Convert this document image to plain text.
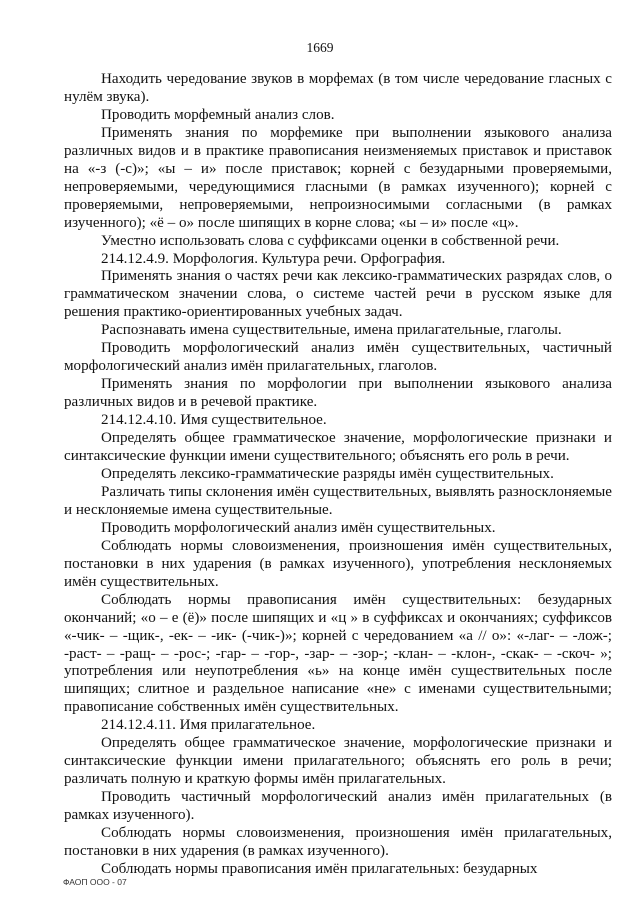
1669

Находить чередование звуков в морфемах (в том числе чередование гласных с нулём звука).

Проводить морфемный анализ слов.

Применять знания по морфемике при выполнении языкового анализа различных видов и в практике правописания неизменяемых приставок и приставок на «-з (-с)»; «ы – и» после приставок; корней с безударными проверяемыми, непроверяемыми, чередующимися гласными (в рамках изученного); корней с проверяемыми, непроверяемыми, непроизносимыми согласными (в рамках изученного); «ё – о» после шипящих в корне слова; «ы – и» после «ц».

Уместно использовать слова с суффиксами оценки в собственной речи.

214.12.4.9. Морфология. Культура речи. Орфография.

Применять знания о частях речи как лексико-грамматических разрядах слов, о грамматическом значении слова, о системе частей речи в русском языке для решения практико-ориентированных учебных задач.

Распознавать имена существительные, имена прилагательные, глаголы.

Проводить морфологический анализ имён существительных, частичный морфологический анализ имён прилагательных, глаголов.

Применять знания по морфологии при выполнении языкового анализа различных видов и в речевой практике.

214.12.4.10. Имя существительное.

Определять общее грамматическое значение, морфологические признаки и синтаксические функции имени существительного; объяснять его роль в речи.

Определять лексико-грамматические разряды имён существительных.

Различать типы склонения имён существительных, выявлять разносклоняемые и несклоняемые имена существительные.

Проводить морфологический анализ имён существительных.

Соблюдать нормы словоизменения, произношения имён существительных, постановки в них ударения (в рамках изученного), употребления несклоняемых имён существительных.

Соблюдать нормы правописания имён существительных: безударных окончаний; «о – е (ё)» после шипящих и «ц » в суффиксах и окончаниях; суффиксов «-чик- – -щик-, -ек- – -ик- (-чик-)»; корней с чередованием «а // о»: «-лаг- – -лож-; -раст- – -ращ- – -рос-; -гар- – -гор-, -зар- – -зор-; -клан- – -клон-, -скак- – -скоч- »; употребления или неупотребления «ь» на конце имён существительных после шипящих; слитное и раздельное написание «не» с именами существительными; правописание собственных имён существительных.

214.12.4.11. Имя прилагательное.

Определять общее грамматическое значение, морфологические признаки и синтаксические функции имени прилагательного; объяснять его роль в речи; различать полную и краткую формы имён прилагательных.

Проводить частичный морфологический анализ имён прилагательных (в рамках изученного).

Соблюдать нормы словоизменения, произношения имён прилагательных, постановки в них ударения (в рамках изученного).

Соблюдать нормы правописания имён прилагательных: безударных

ФАОП ООО - 07
